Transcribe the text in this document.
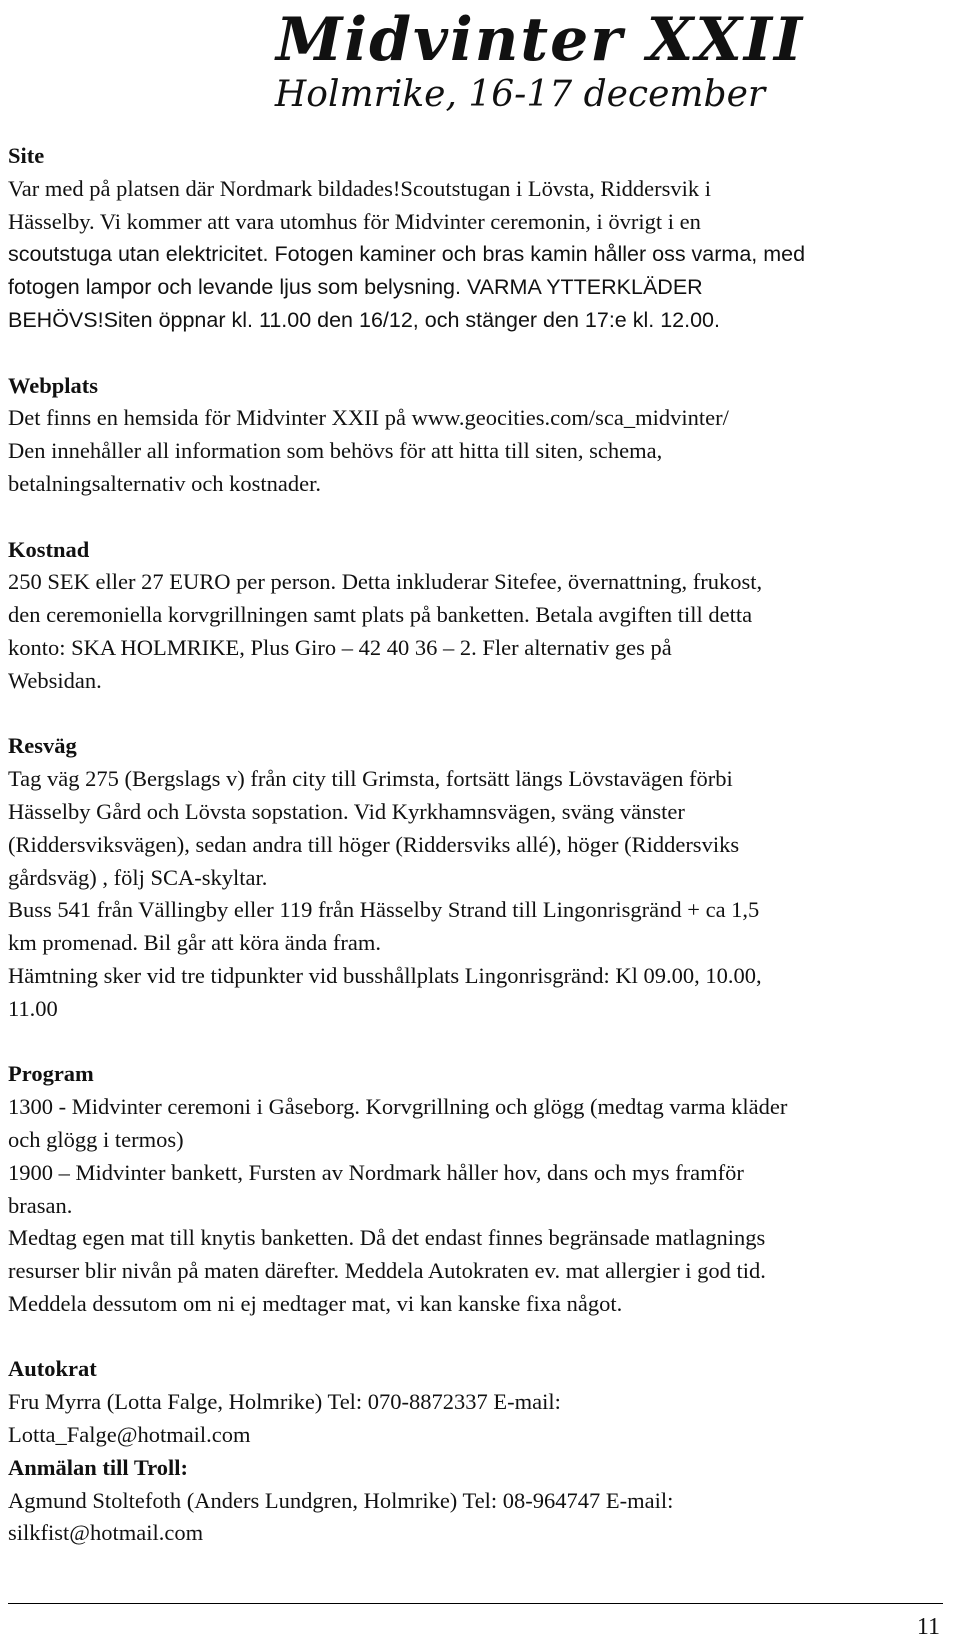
Midvinter XXII
Holmrike, 16-17 december

Site

Var med på platsen där Nordmark bildades!Scoutstugan i Lövsta, Riddersvik i

Hässelby. Vi kommer att vara utomhus för Midvinter ceremonin, i övrigt i en

scoutstuga utan elektricitet. Fotogen kaminer och bras kamin håller oss varma, med

fotogen lampor och levande ljus som belysning. VARMA YTTERKLÄDER

BEHÖVS!Siten öppnar kl. 11.00 den 16/12, och stänger den 17:e kl. 12.00.

Webplats

Det finns en hemsida för Midvinter XXII på www.geocities.com/sca_midvinter/

Den innehåller all information som behövs för att hitta till siten, schema,

betalningsalternativ och kostnader.

Kostnad

250 SEK eller 27 EURO per person. Detta inkluderar Sitefee, övernattning, frukost,

den ceremoniella korvgrillningen samt plats på banketten. Betala avgiften till detta

konto: SKA HOLMRIKE, Plus Giro – 42 40 36 – 2. Fler alternativ ges på

Websidan.

Resväg

Tag väg 275 (Bergslags v) från city till Grimsta, fortsätt längs Lövstavägen förbi

Hässelby Gård och Lövsta sopstation. Vid Kyrkhamnsvägen, sväng vänster

(Riddersviksvägen), sedan andra till höger (Riddersviks allé), höger (Riddersviks

gårdsväg) , följ SCA-skyltar.

Buss 541 från Vällingby eller 119 från Hässelby Strand till Lingonrisgränd + ca 1,5

km promenad. Bil går att köra ända fram.

Hämtning sker vid tre tidpunkter vid busshållplats Lingonrisgränd: Kl 09.00, 10.00,

11.00

Program

1300 - Midvinter ceremoni i Gåseborg. Korvgrillning och glögg (medtag varma kläder

och glögg i termos)

1900 – Midvinter bankett, Fursten av Nordmark håller hov, dans och mys framför

brasan.

Medtag egen mat till knytis banketten. Då det endast finnes begränsade matlagnings

resurser blir nivån på maten därefter. Meddela Autokraten ev. mat allergier i god tid.

Meddela dessutom om ni ej medtager mat, vi kan kanske fixa något.

Autokrat

Fru Myrra (Lotta Falge, Holmrike) Tel: 070-8872337 E-mail:

Lotta_Falge@hotmail.com

Anmälan till Troll:

Agmund Stoltefoth (Anders Lundgren, Holmrike) Tel: 08-964747 E-mail:

silkfist@hotmail.com

11
